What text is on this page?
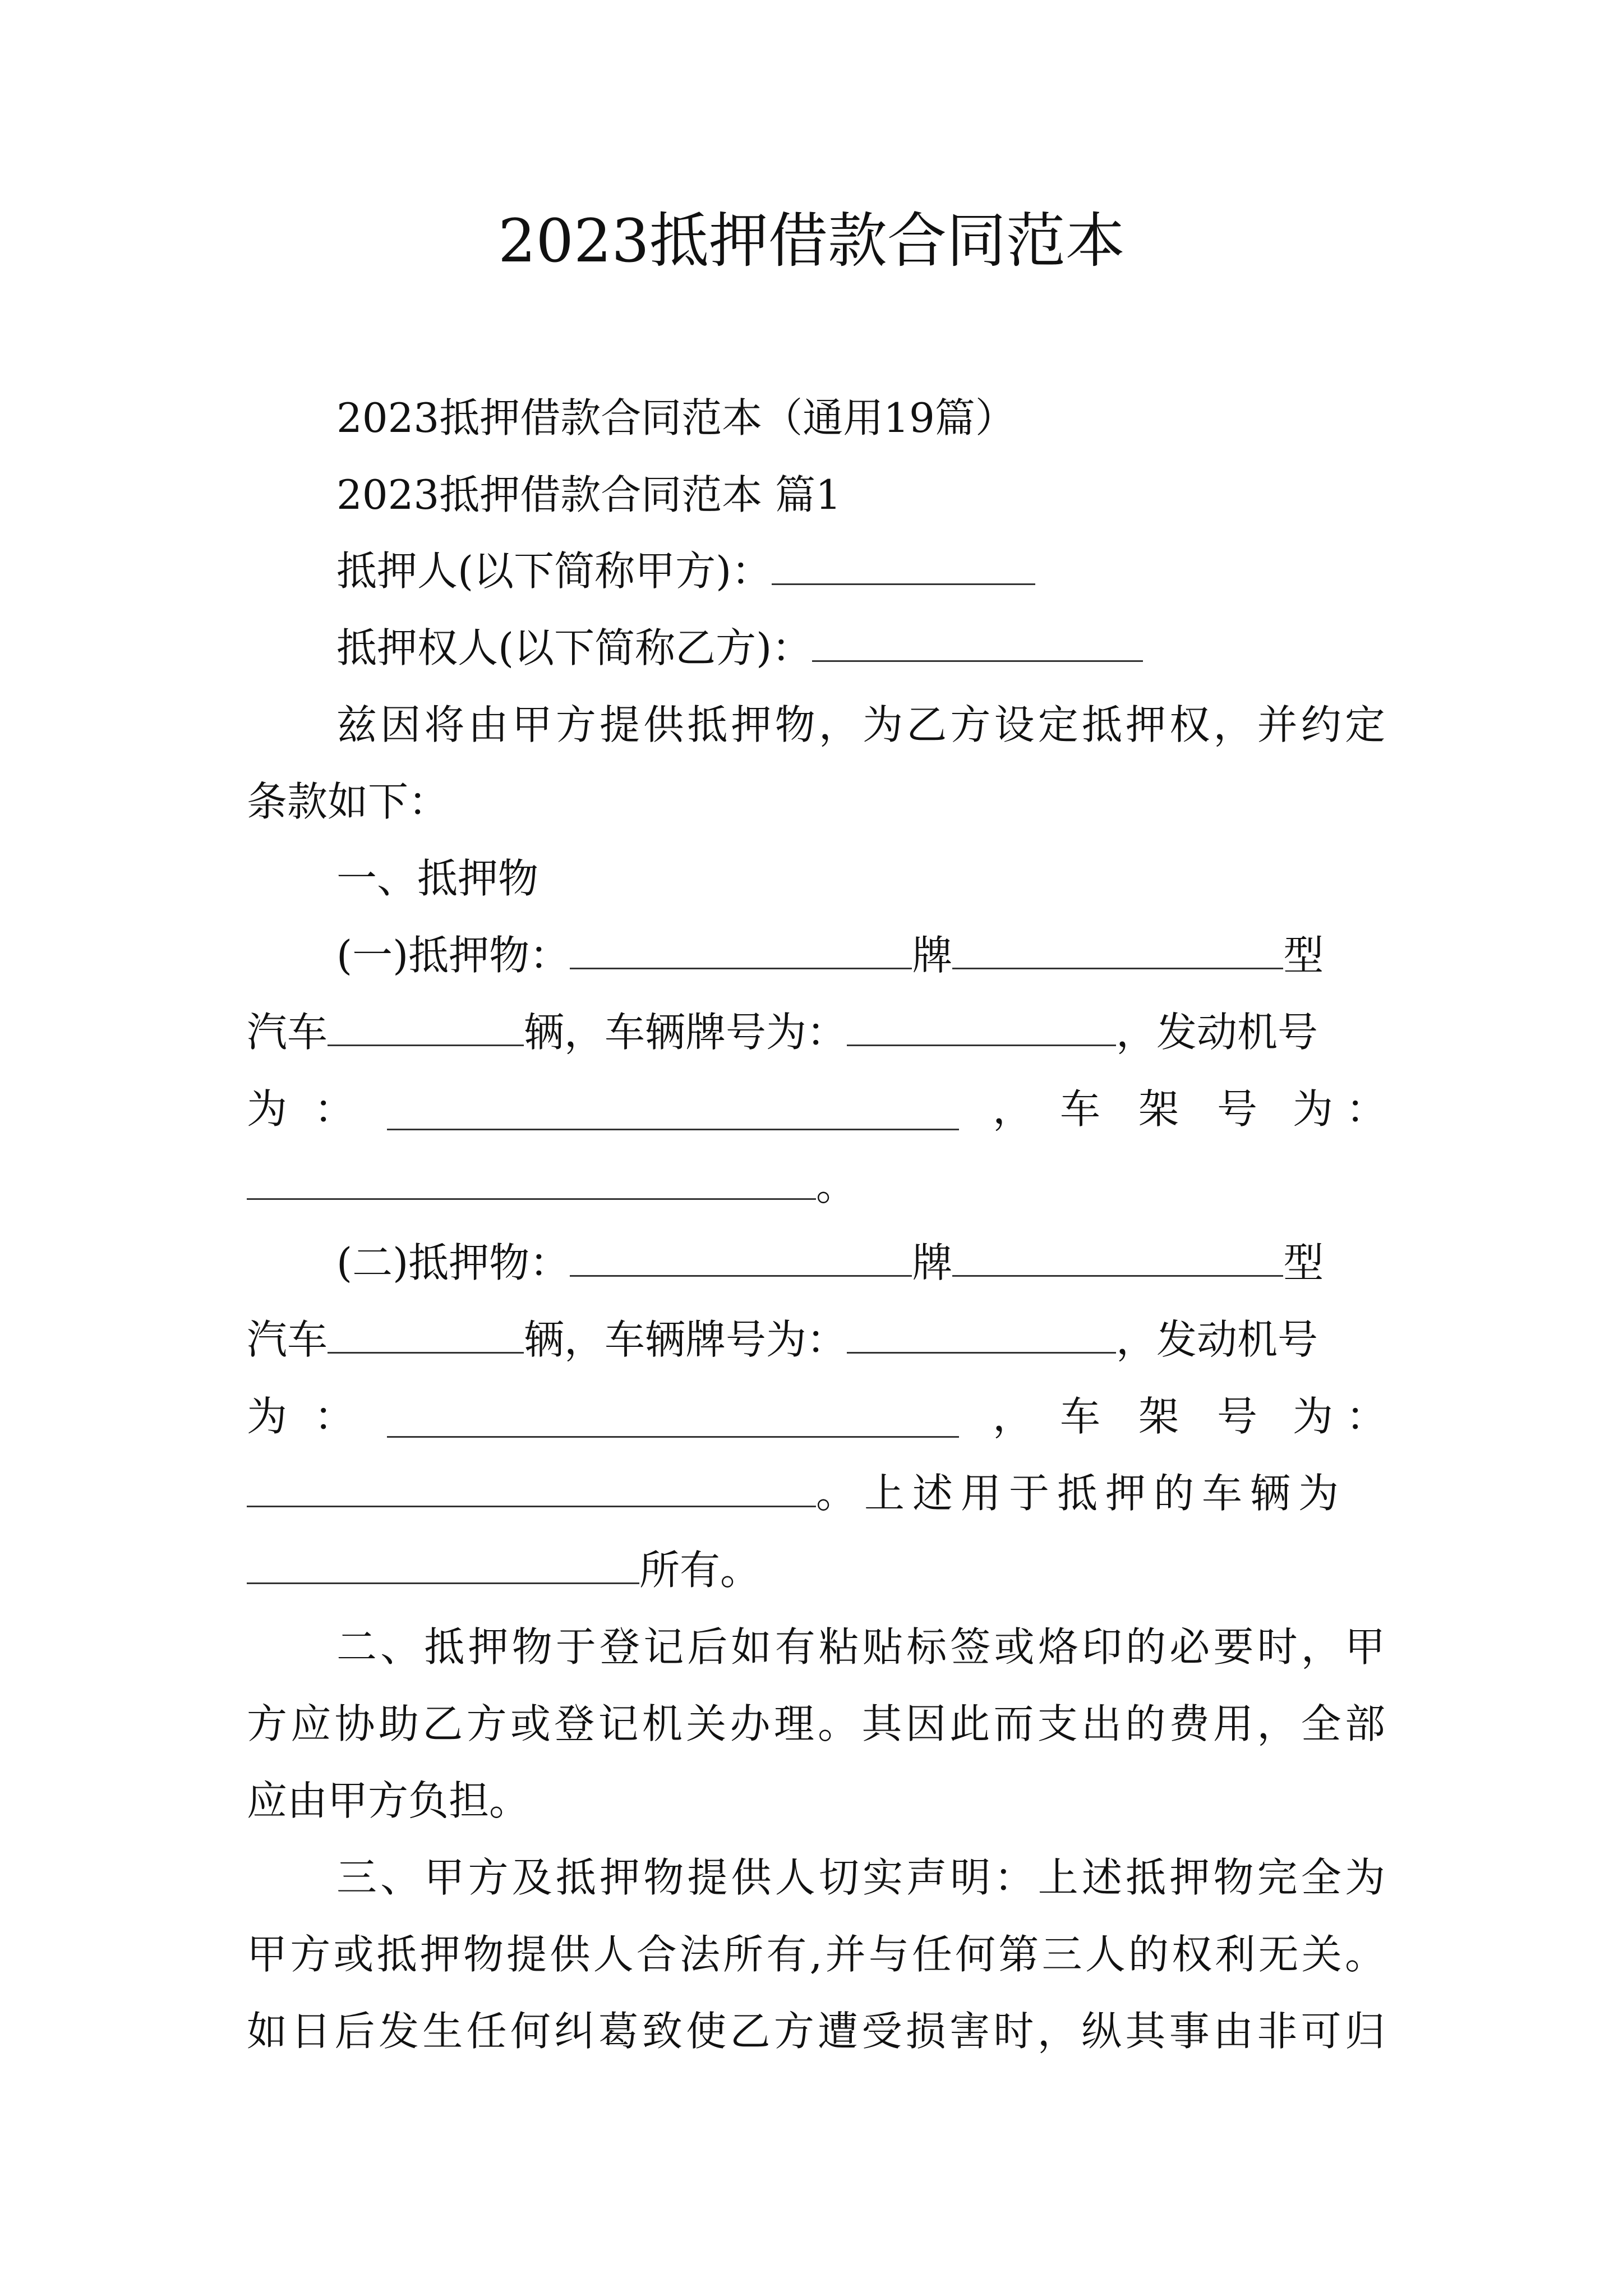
2023抵押借款合同范本
2023抵押借款合同范本（通用19篇）
2023抵押借款合同范本 篇1
抵押人(以下简称甲方)：
抵押权人(以下简称乙方)：
兹因将由甲方提供抵押物，为乙方设定抵押权，并约定
条款如下：
一、抵押物
(一)抵押物：	牌	型
汽车	辆，车辆牌号为：	，发动机号
为 ：	， 车 架 号 为 ：
。
(二)抵押物：	牌	型
汽车	辆，车辆牌号为：	，发动机号
为 ：	， 车 架 号 为 ：
。上述用于抵押的车辆为
所有。
二、抵押物于登记后如有粘贴标签或烙印的必要时，甲
方应协助乙方或登记机关办理。其因此而支出的费用，全部
应由甲方负担。
三、甲方及抵押物提供人切实声明：上述抵押物完全为
甲方或抵押物提供人合法所有,并与任何第三人的权利无关。
如日后发生任何纠葛致使乙方遭受损害时，纵其事由非可归
